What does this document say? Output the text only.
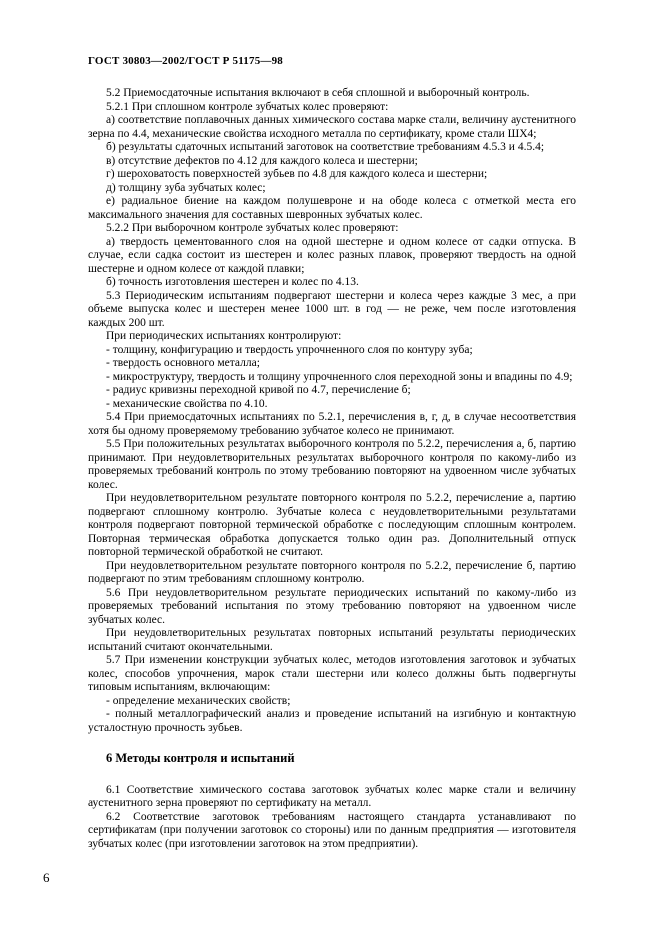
ГОСТ 30803—2002/ГОСТ Р 51175—98

5.2 Приемосдаточные испытания включают в себя сплошной и выборочный контроль.

5.2.1 При сплошном контроле зубчатых колес проверяют:

а) соответствие поплавочных данных химического состава марке стали, величину аустенитного зерна по 4.4, механические свойства исходного металла по сертификату, кроме стали ШХ4;

б) результаты сдаточных испытаний заготовок на соответствие требованиям 4.5.3 и 4.5.4;

в) отсутствие дефектов по 4.12 для каждого колеса и шестерни;

г) шероховатость поверхностей зубьев по 4.8 для каждого колеса и шестерни;

д) толщину зуба зубчатых колес;

е) радиальное биение на каждом полушевроне и на ободе колеса с отметкой места его максимального значения для составных шевронных зубчатых колес.

5.2.2 При выборочном контроле зубчатых колес проверяют:

а) твердость цементованного слоя на одной шестерне и одном колесе от садки отпуска. В случае, если садка состоит из шестерен и колес разных плавок, проверяют твердость на одной шестерне и одном колесе от каждой плавки;

б) точность изготовления шестерен и колес по 4.13.

5.3 Периодическим испытаниям подвергают шестерни и колеса через каждые 3 мес, а при объеме выпуска колес и шестерен менее 1000 шт. в год — не реже, чем после изготовления каждых 200 шт.

При периодических испытаниях контролируют:

- толщину, конфигурацию и твердость упрочненного слоя по контуру зуба;

- твердость основного металла;

- микроструктуру, твердость и толщину упрочненного слоя переходной зоны и впадины по 4.9;

- радиус кривизны переходной кривой по 4.7, перечисление б;

- механические свойства по 4.10.

5.4 При приемосдаточных испытаниях по 5.2.1, перечисления в, г, д, в случае несоответствия хотя бы одному проверяемому требованию зубчатое колесо не принимают.

5.5 При положительных результатах выборочного контроля по 5.2.2, перечисления а, б, партию принимают. При неудовлетворительных результатах выборочного контроля по какому-либо из проверяемых требований контроль по этому требованию повторяют на удвоенном числе зубчатых колес.

При неудовлетворительном результате повторного контроля по 5.2.2, перечисление а, партию подвергают сплошному контролю. Зубчатые колеса с неудовлетворительными результатами контроля подвергают повторной термической обработке с последующим сплошным контролем. Повторная термическая обработка допускается только один раз. Дополнительный отпуск повторной термической обработкой не считают.

При неудовлетворительном результате повторного контроля по 5.2.2, перечисление б, партию подвергают по этим требованиям сплошному контролю.

5.6 При неудовлетворительном результате периодических испытаний по какому-либо из проверяемых требований испытания по этому требованию повторяют на удвоенном числе зубчатых колес.

При неудовлетворительных результатах повторных испытаний результаты периодических испытаний считают окончательными.

5.7 При изменении конструкции зубчатых колес, методов изготовления заготовок и зубчатых колес, способов упрочнения, марок стали шестерни или колесо должны быть подвергнуты типовым испытаниям, включающим:

- определение механических свойств;

- полный металлографический анализ и проведение испытаний на изгибную и контактную усталостную прочность зубьев.

6 Методы контроля и испытаний

6.1 Соответствие химического состава заготовок зубчатых колес марке стали и величину аустенитного зерна проверяют по сертификату на металл.

6.2 Соответствие заготовок требованиям настоящего стандарта устанавливают по сертификатам (при получении заготовок со стороны) или по данным предприятия — изготовителя зубчатых колес (при изготовлении заготовок на этом предприятии).

6
